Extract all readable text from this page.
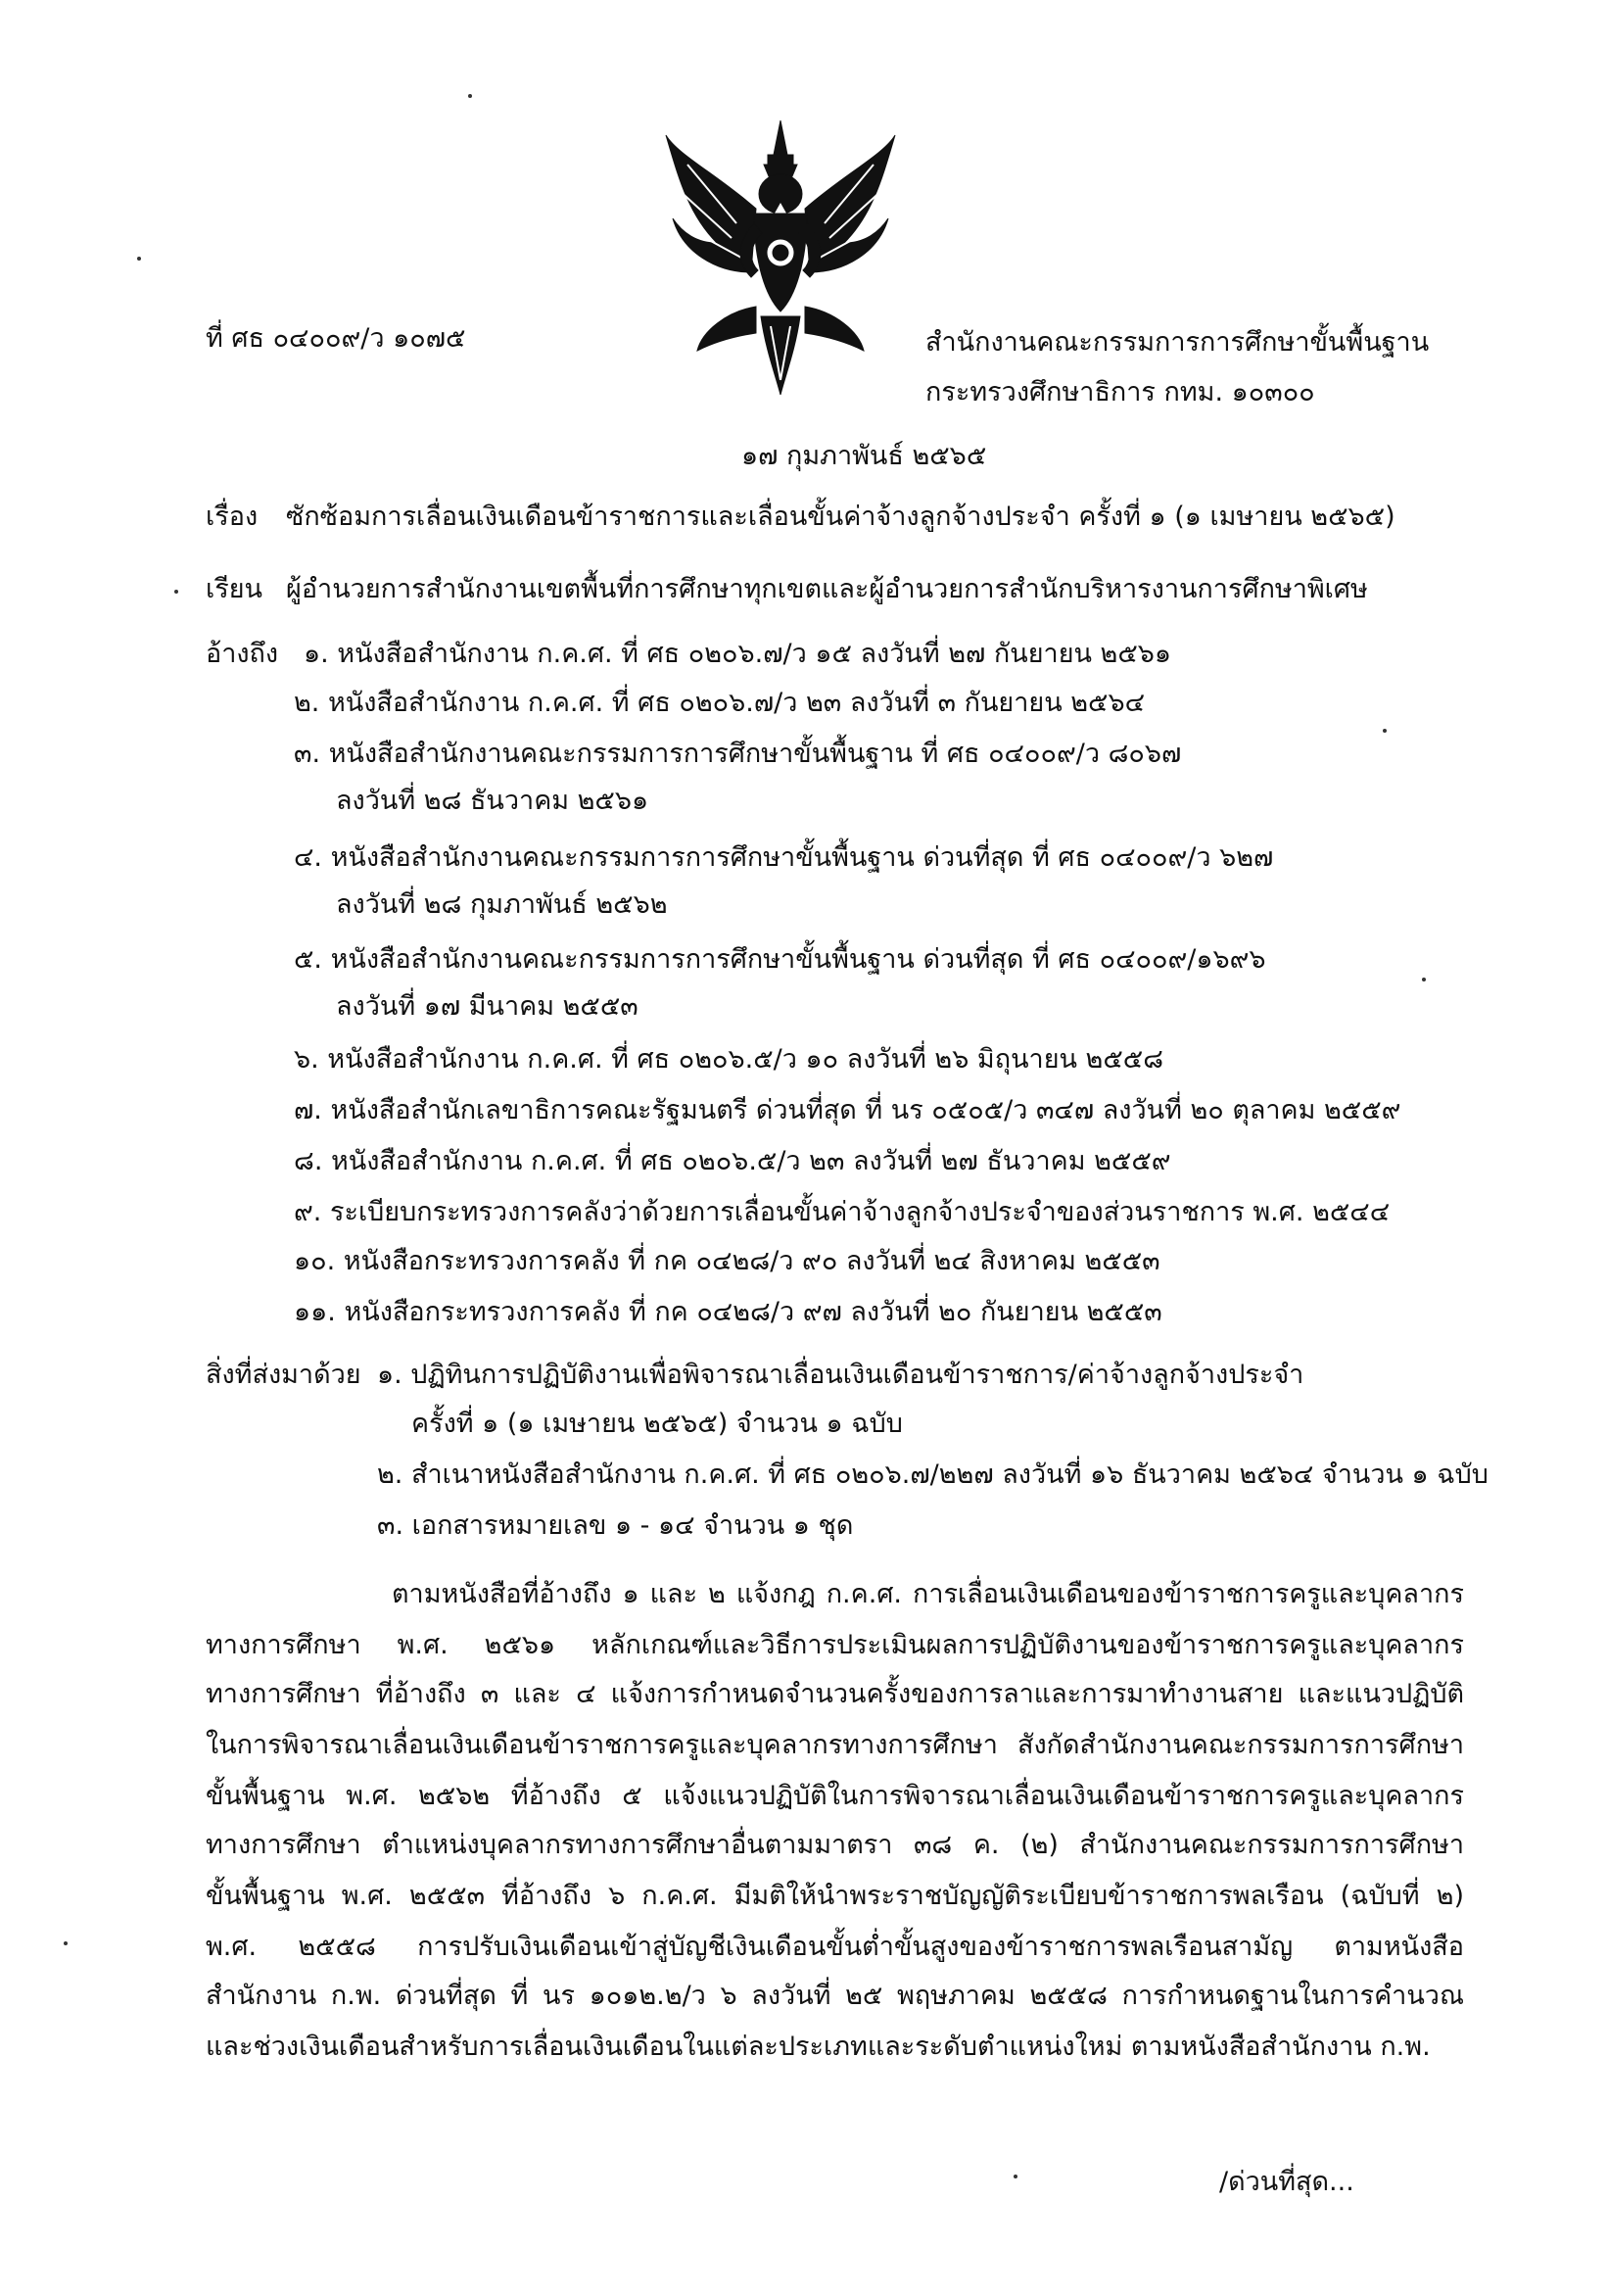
ที่ ศธ ๐๔๐๐๙/ว ๑๐๗๕	สำนักงานคณะกรรมการการศึกษาขั้นพื้นฐาน
กระทรวงศึกษาธิการ กทม. ๑๐๓๐๐
๑๗ กุมภาพันธ์ ๒๕๖๕
เรื่อง ซักซ้อมการเลื่อนเงินเดือนข้าราชการและเลื่อนขั้นค่าจ้างลูกจ้างประจำ ครั้งที่ ๑ (๑ เมษายน ๒๕๖๕)
เรียน ผู้อำนวยการสำนักงานเขตพื้นที่การศึกษาทุกเขตและผู้อำนวยการสำนักบริหารงานการศึกษาพิเศษ
อ้างถึง ๑. หนังสือสำนักงาน ก.ค.ศ. ที่ ศธ ๐๒๐๖.๗/ว ๑๕ ลงวันที่ ๒๗ กันยายน ๒๕๖๑
๒. หนังสือสำนักงาน ก.ค.ศ. ที่ ศธ ๐๒๐๖.๗/ว ๒๓ ลงวันที่ ๓ กันยายน ๒๕๖๔
๓. หนังสือสำนักงานคณะกรรมการการศึกษาขั้นพื้นฐาน ที่ ศธ ๐๔๐๐๙/ว ๘๐๖๗
ลงวันที่ ๒๘ ธันวาคม ๒๕๖๑
๔. หนังสือสำนักงานคณะกรรมการการศึกษาขั้นพื้นฐาน ด่วนที่สุด ที่ ศธ ๐๔๐๐๙/ว ๖๒๗
ลงวันที่ ๒๘ กุมภาพันธ์ ๒๕๖๒
๕. หนังสือสำนักงานคณะกรรมการการศึกษาขั้นพื้นฐาน ด่วนที่สุด ที่ ศธ ๐๔๐๐๙/๑๖๙๖
ลงวันที่ ๑๗ มีนาคม ๒๕๕๓
๖. หนังสือสำนักงาน ก.ค.ศ. ที่ ศธ ๐๒๐๖.๕/ว ๑๐ ลงวันที่ ๒๖ มิถุนายน ๒๕๕๘
๗. หนังสือสำนักเลขาธิการคณะรัฐมนตรี ด่วนที่สุด ที่ นร ๐๕๐๕/ว ๓๔๗ ลงวันที่ ๒๐ ตุลาคม ๒๕๕๙
๘. หนังสือสำนักงาน ก.ค.ศ. ที่ ศธ ๐๒๐๖.๕/ว ๒๓ ลงวันที่ ๒๗ ธันวาคม ๒๕๕๙
๙. ระเบียบกระทรวงการคลังว่าด้วยการเลื่อนขั้นค่าจ้างลูกจ้างประจำของส่วนราชการ พ.ศ. ๒๕๔๔
๑๐. หนังสือกระทรวงการคลัง ที่ กค ๐๔๒๘/ว ๙๐ ลงวันที่ ๒๔ สิงหาคม ๒๕๕๓
๑๑. หนังสือกระทรวงการคลัง ที่ กค ๐๔๒๘/ว ๙๗ ลงวันที่ ๒๐ กันยายน ๒๕๕๓
สิ่งที่ส่งมาด้วย ๑. ปฏิทินการปฏิบัติงานเพื่อพิจารณาเลื่อนเงินเดือนข้าราชการ/ค่าจ้างลูกจ้างประจำ
ครั้งที่ ๑ (๑ เมษายน ๒๕๖๕) จำนวน ๑ ฉบับ
๒. สำเนาหนังสือสำนักงาน ก.ค.ศ. ที่ ศธ ๐๒๐๖.๗/๒๒๗ ลงวันที่ ๑๖ ธันวาคม ๒๕๖๔ จำนวน ๑ ฉบับ
๓. เอกสารหมายเลข ๑ - ๑๔ จำนวน ๑ ชุด
ตามหนังสือที่อ้างถึง ๑ และ ๒ แจ้งกฎ ก.ค.ศ. การเลื่อนเงินเดือนของข้าราชการครูและบุคลากร
ทางการศึกษา พ.ศ. ๒๕๖๑ หลักเกณฑ์และวิธีการประเมินผลการปฏิบัติงานของข้าราชการครูและบุคลากร
ทางการศึกษา ที่อ้างถึง ๓ และ ๔ แจ้งการกำหนดจำนวนครั้งของการลาและการมาทำงานสาย และแนวปฏิบัติ
ในการพิจารณาเลื่อนเงินเดือนข้าราชการครูและบุคลากรทางการศึกษา สังกัดสำนักงานคณะกรรมการการศึกษา
ขั้นพื้นฐาน พ.ศ. ๒๕๖๒ ที่อ้างถึง ๕ แจ้งแนวปฏิบัติในการพิจารณาเลื่อนเงินเดือนข้าราชการครูและบุคลากร
ทางการศึกษา ตำแหน่งบุคลากรทางการศึกษาอื่นตามมาตรา ๓๘ ค. (๒) สำนักงานคณะกรรมการการศึกษา
ขั้นพื้นฐาน พ.ศ. ๒๕๕๓ ที่อ้างถึง ๖ ก.ค.ศ. มีมติให้นำพระราชบัญญัติระเบียบข้าราชการพลเรือน (ฉบับที่ ๒)
พ.ศ. ๒๕๕๘ การปรับเงินเดือนเข้าสู่บัญชีเงินเดือนขั้นต่ำขั้นสูงของข้าราชการพลเรือนสามัญ ตามหนังสือ
สำนักงาน ก.พ. ด่วนที่สุด ที่ นร ๑๐๑๒.๒/ว ๖ ลงวันที่ ๒๕ พฤษภาคม ๒๕๕๘ การกำหนดฐานในการคำนวณ
และช่วงเงินเดือนสำหรับการเลื่อนเงินเดือนในแต่ละประเภทและระดับตำแหน่งใหม่ ตามหนังสือสำนักงาน ก.พ.
/ด่วนที่สุด...
